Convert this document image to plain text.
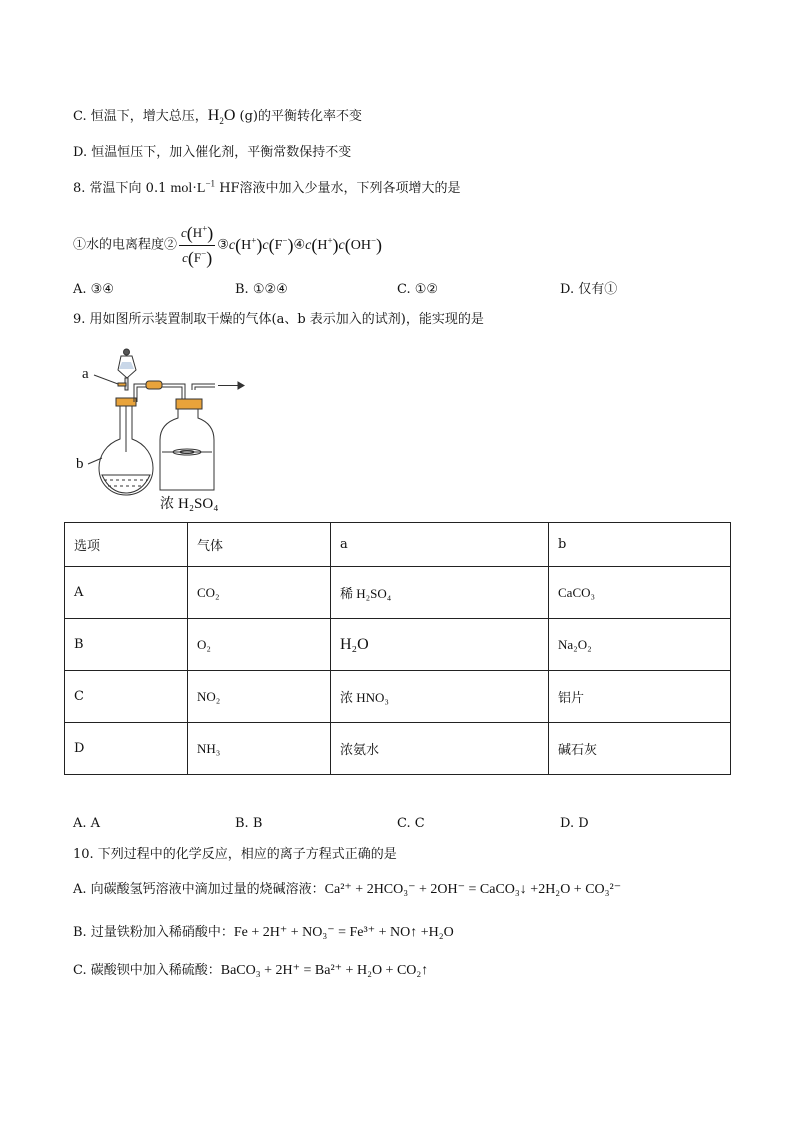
C. 恒温下，增大总压，$H_2O$ (g)的平衡转化率不变
D. 恒温恒压下，加入催化剂，平衡常数保持不变
8. 常温下向 0.1 $mol\cdot L^{-1}$ HF溶液中加入少量水，下列各项增大的是
①水的电离程度② $\frac{c(H^+)}{c(F^-)}$ ③c(H+)c(F−)④c(H+)c(OH−)
A. ③④	B. ①②④	C. ①②	D. 仅有①
9. 用如图所示装置制取干燥的气体(a、b 表示加入的试剂)，能实现的是
a
b
浓 H₂SO₄
选项	气体	a	b
A	CO₂	稀 H₂SO₄	CaCO₃
B	O₂	H₂O	Na₂O₂
C	NO₂	浓 HNO₃	铝片
D	NH₃	浓氨水	碱石灰
A. A	B. B	C. C	D. D
10. 下列过程中的化学反应，相应的离子方程式正确的是
A. 向碳酸氢钙溶液中滴加过量的烧碱溶液：Ca²⁺ + 2HCO₃⁻ + 2OH⁻ = CaCO₃↓ +2H₂O + CO₃²⁻
B. 过量铁粉加入稀硝酸中：Fe + 2H⁺ + NO₃⁻ = Fe³⁺ + NO↑ +H₂O
C. 碳酸钡中加入稀硫酸：BaCO₃ + 2H⁺ = Ba²⁺ + H₂O + CO₂↑
